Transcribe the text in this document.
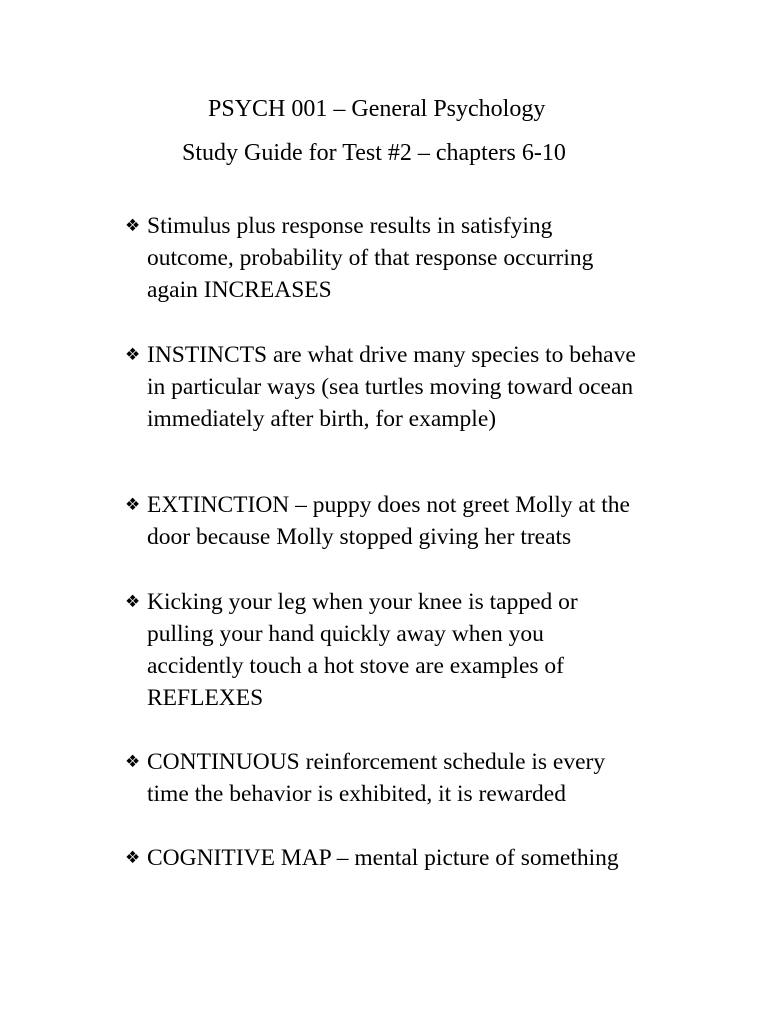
PSYCH 001 – General Psychology
Study Guide for Test #2 – chapters 6-10
❖ Stimulus plus response results in satisfying
outcome, probability of that response occurring
again INCREASES
❖ INSTINCTS are what drive many species to behave
in particular ways (sea turtles moving toward ocean
immediately after birth, for example)
❖ EXTINCTION – puppy does not greet Molly at the
door because Molly stopped giving her treats
❖ Kicking your leg when your knee is tapped or
pulling your hand quickly away when you
accidently touch a hot stove are examples of
REFLEXES
❖ CONTINUOUS reinforcement schedule is every
time the behavior is exhibited, it is rewarded
❖ COGNITIVE MAP – mental picture of something
